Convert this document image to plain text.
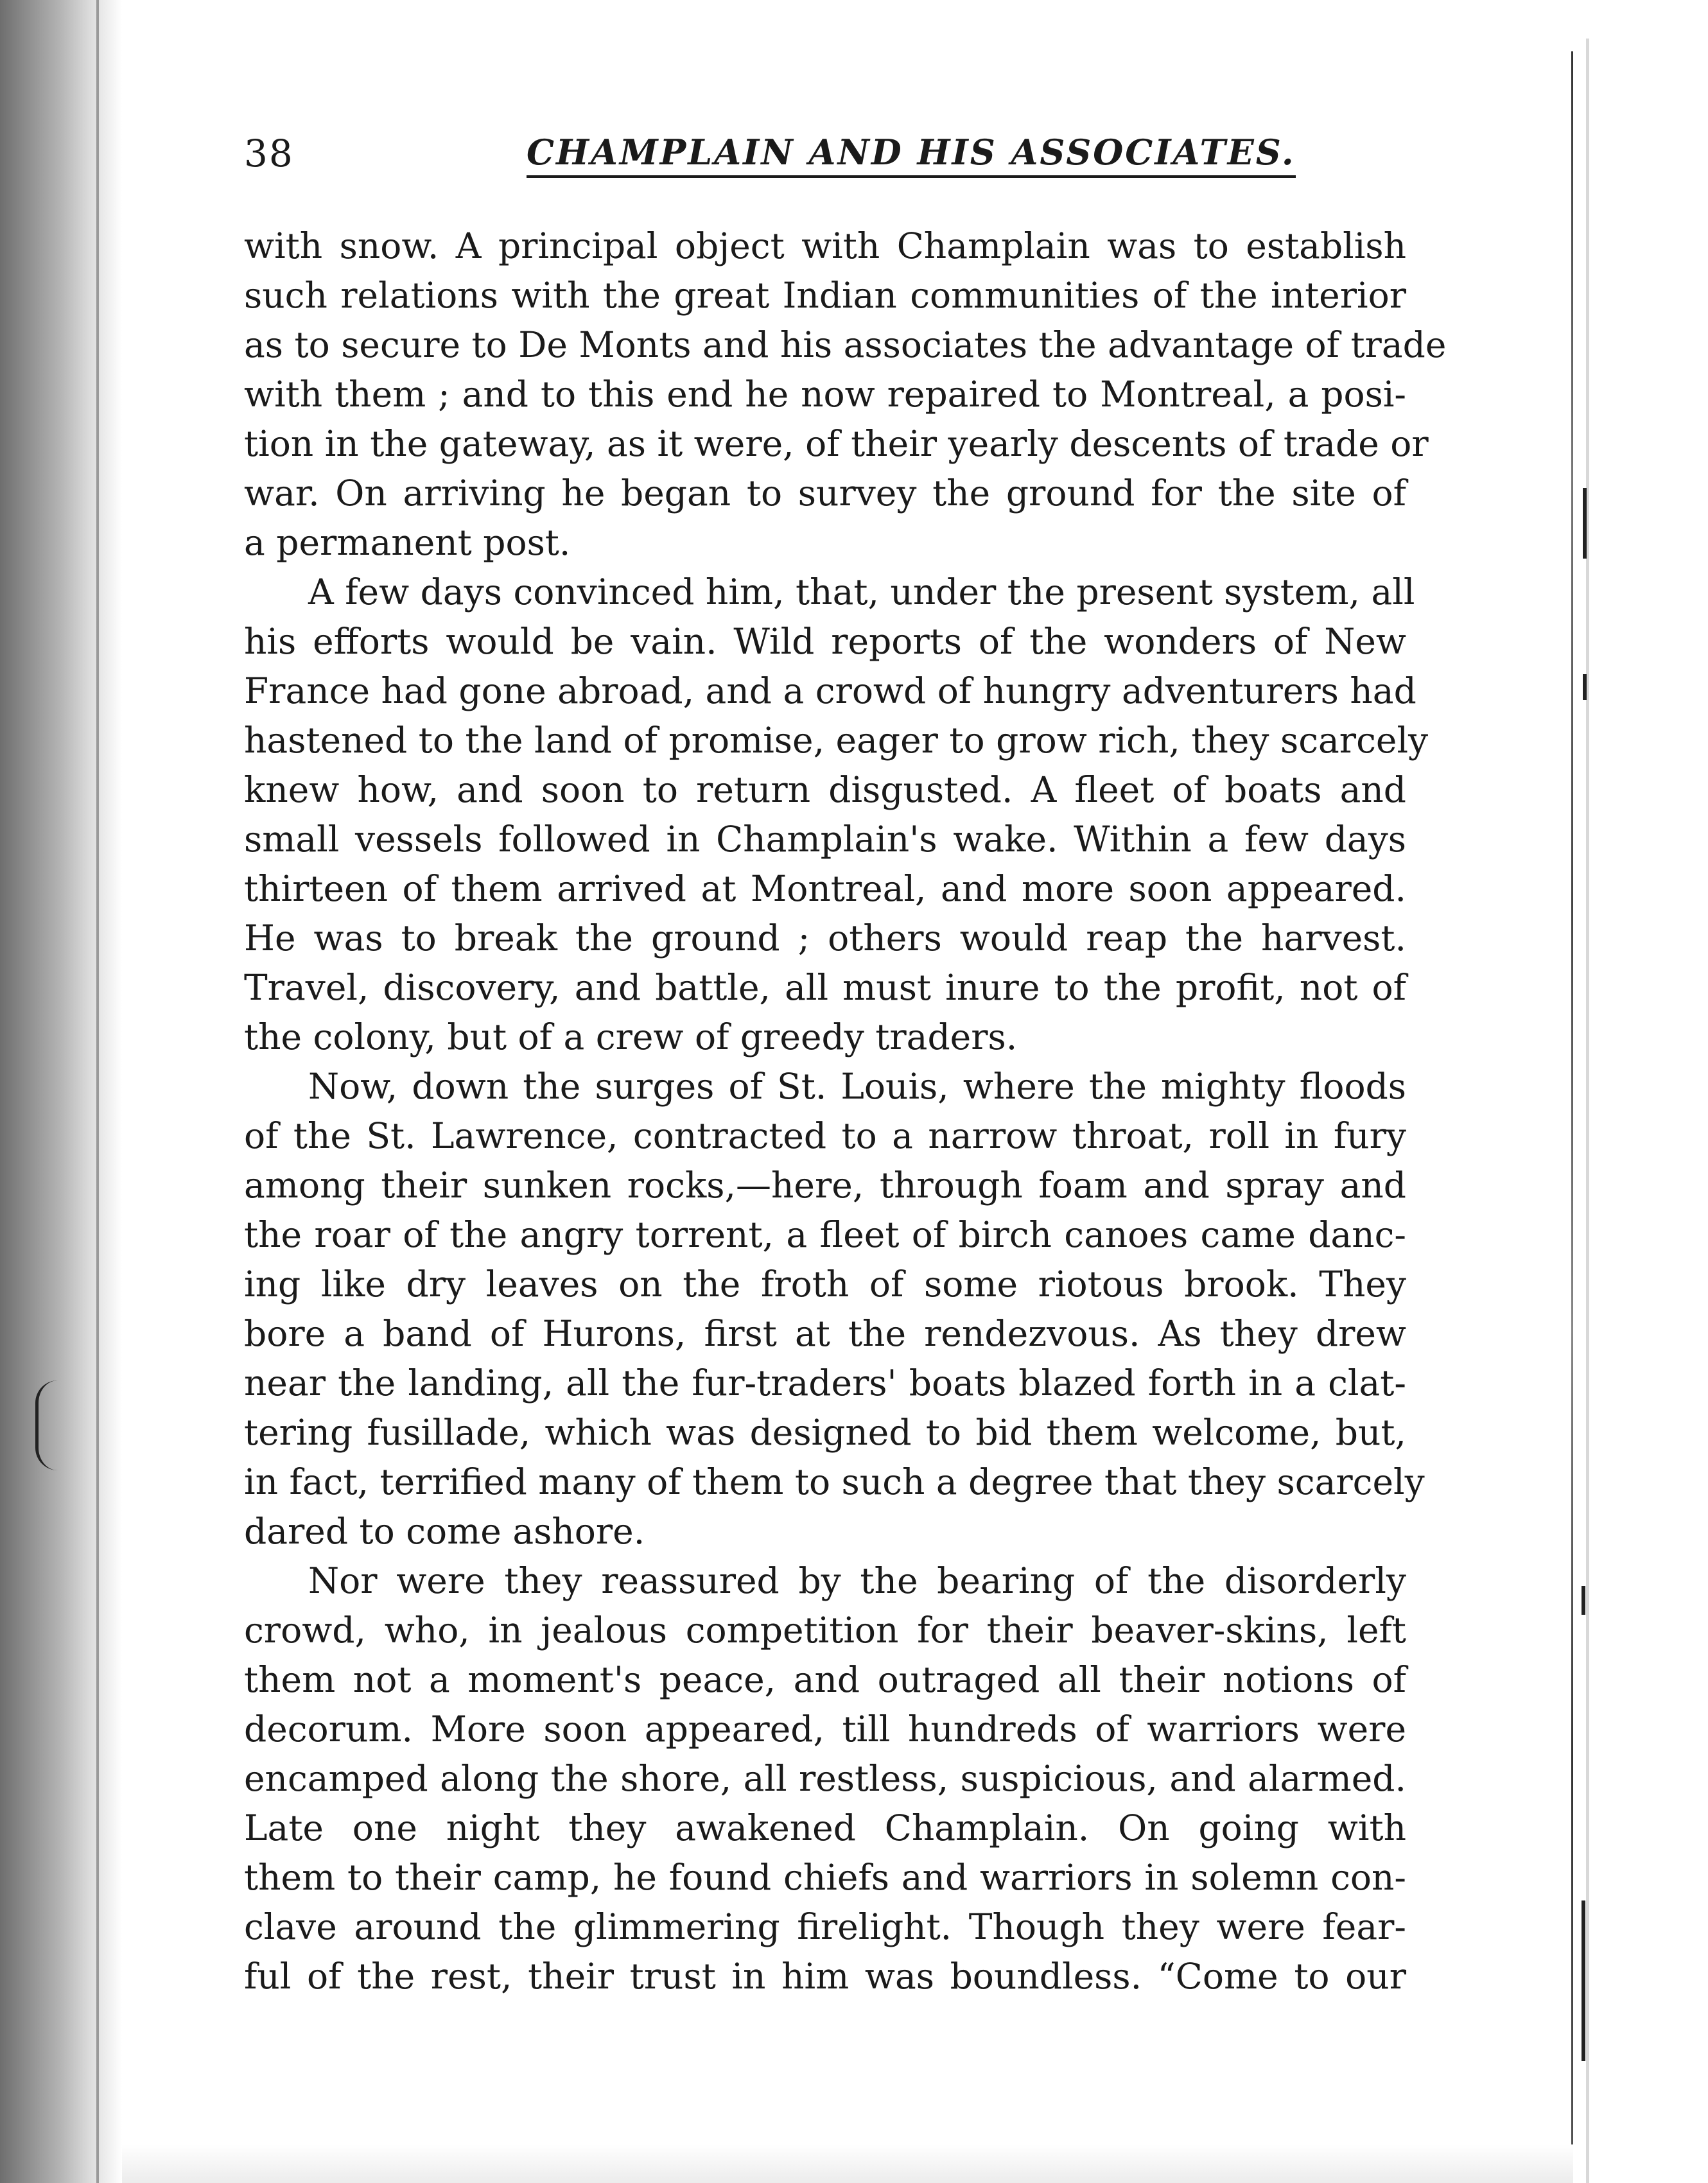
38	CHAMPLAIN AND HIS ASSOCIATES.
with snow. A principal object with Champlain was to establish
such relations with the great Indian communities of the interior
as to secure to De Monts and his associates the advantage of trade
with them ; and to this end he now repaired to Montreal, a posi-
tion in the gateway, as it were, of their yearly descents of trade or
war. On arriving he began to survey the ground for the site of
a permanent post.
A few days convinced him, that, under the present system, all
his efforts would be vain. Wild reports of the wonders of New
France had gone abroad, and a crowd of hungry adventurers had
hastened to the land of promise, eager to grow rich, they scarcely
knew how, and soon to return disgusted. A fleet of boats and
small vessels followed in Champlain's wake. Within a few days
thirteen of them arrived at Montreal, and more soon appeared.
He was to break the ground ; others would reap the harvest.
Travel, discovery, and battle, all must inure to the profit, not of
the colony, but of a crew of greedy traders.
Now, down the surges of St. Louis, where the mighty floods
of the St. Lawrence, contracted to a narrow throat, roll in fury
among their sunken rocks,—here, through foam and spray and
the roar of the angry torrent, a fleet of birch canoes came danc-
ing like dry leaves on the froth of some riotous brook. They
bore a band of Hurons, first at the rendezvous. As they drew
near the landing, all the fur-traders' boats blazed forth in a clat-
tering fusillade, which was designed to bid them welcome, but,
in fact, terrified many of them to such a degree that they scarcely
dared to come ashore.
Nor were they reassured by the bearing of the disorderly
crowd, who, in jealous competition for their beaver-skins, left
them not a moment's peace, and outraged all their notions of
decorum. More soon appeared, till hundreds of warriors were
encamped along the shore, all restless, suspicious, and alarmed.
Late one night they awakened Champlain. On going with
them to their camp, he found chiefs and warriors in solemn con-
clave around the glimmering firelight. Though they were fear-
ful of the rest, their trust in him was boundless. “Come to our
